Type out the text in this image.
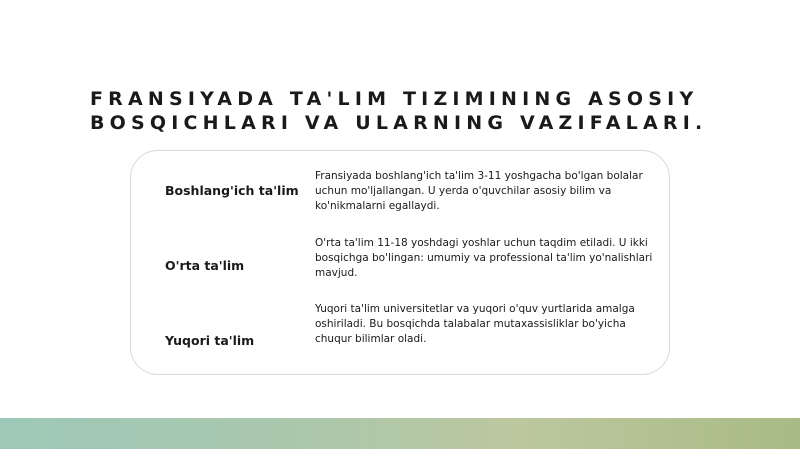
FRANSIYADA TA'LIM TIZIMINING ASOSIY
BOSQICHLARI VA ULARNING VAZIFALARI.
Boshlang'ich ta'lim
Fransiyada boshlang'ich ta'lim 3-11 yoshgacha bo'lgan bolalar uchun mo'ljallangan. U yerda o'quvchilar asosiy bilim va ko'nikmalarni egallaydi.
O'rta ta'lim
O'rta ta'lim 11-18 yoshdagi yoshlar uchun taqdim etiladi. U ikki bosqichga bo'lingan: umumiy va professional ta'lim yo'nalishlari mavjud.
Yuqori ta'lim
Yuqori ta'lim universitetlar va yuqori o'quv yurtlarida amalga oshiriladi. Bu bosqichda talabalar mutaxassisliklar bo'yicha chuqur bilimlar oladi.
